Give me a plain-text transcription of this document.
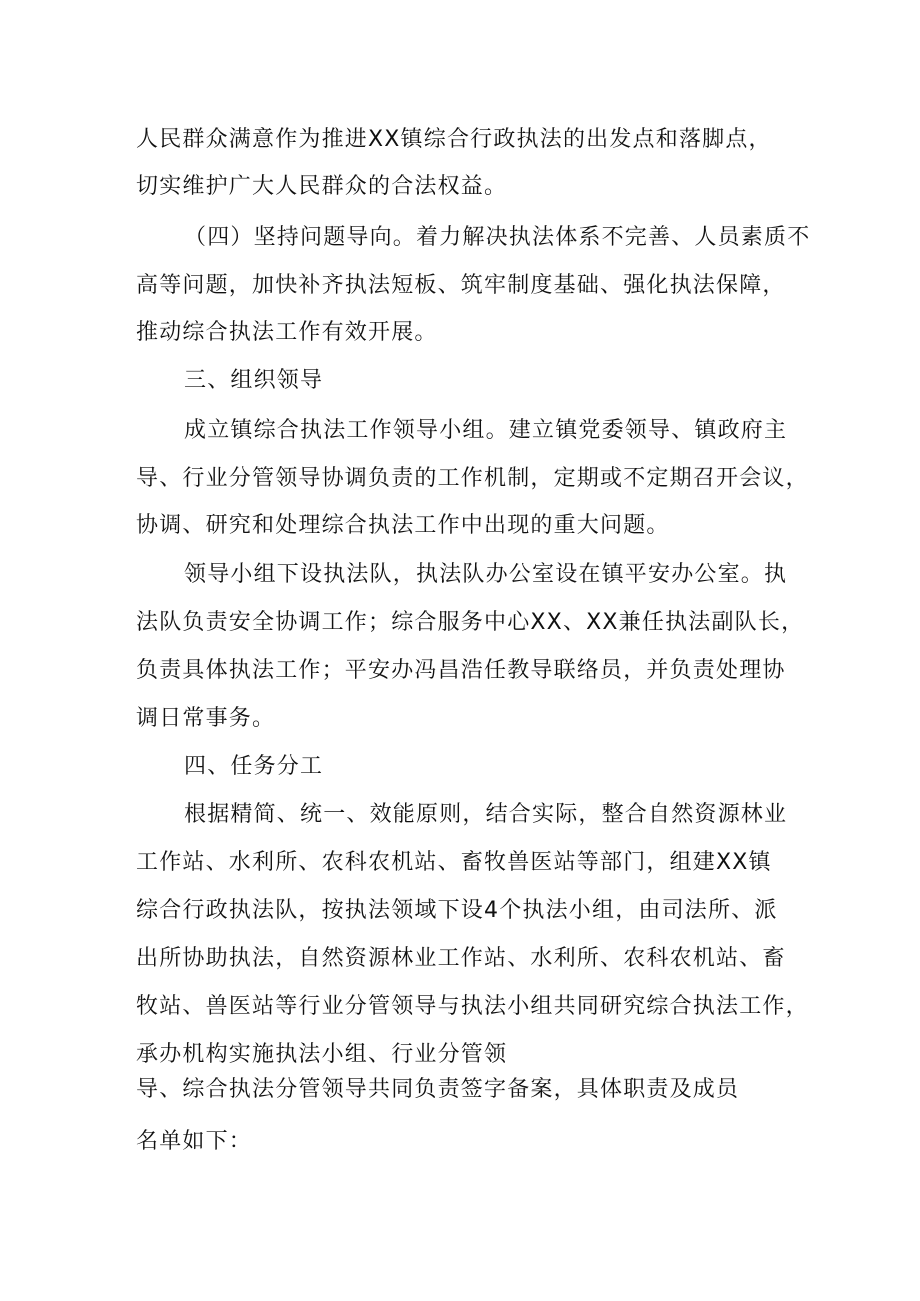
人民群众满意作为推进XX镇综合行政执法的出发点和落脚点，
切实维护广大人民群众的合法权益。
（四）坚持问题导向。着力解决执法体系不完善、人员素质不
高等问题，加快补齐执法短板、筑牢制度基础、强化执法保障，
推动综合执法工作有效开展。
三、组织领导
成立镇综合执法工作领导小组。建立镇党委领导、镇政府主
导、行业分管领导协调负责的工作机制，定期或不定期召开会议，
协调、研究和处理综合执法工作中出现的重大问题。
领导小组下设执法队，执法队办公室设在镇平安办公室。执
法队负责安全协调工作；综合服务中心XX、XX兼任执法副队长，
负责具体执法工作；平安办冯昌浩任教导联络员，并负责处理协
调日常事务。
四、任务分工
根据精简、统一、效能原则，结合实际，整合自然资源林业
工作站、水利所、农科农机站、畜牧兽医站等部门，组建XX镇
综合行政执法队，按执法领域下设4个执法小组，由司法所、派
出所协助执法，自然资源林业工作站、水利所、农科农机站、畜
牧站、兽医站等行业分管领导与执法小组共同研究综合执法工作，
承办机构实施执法小组、行业分管领
导、综合执法分管领导共同负责签字备案，具体职责及成员
名单如下：
